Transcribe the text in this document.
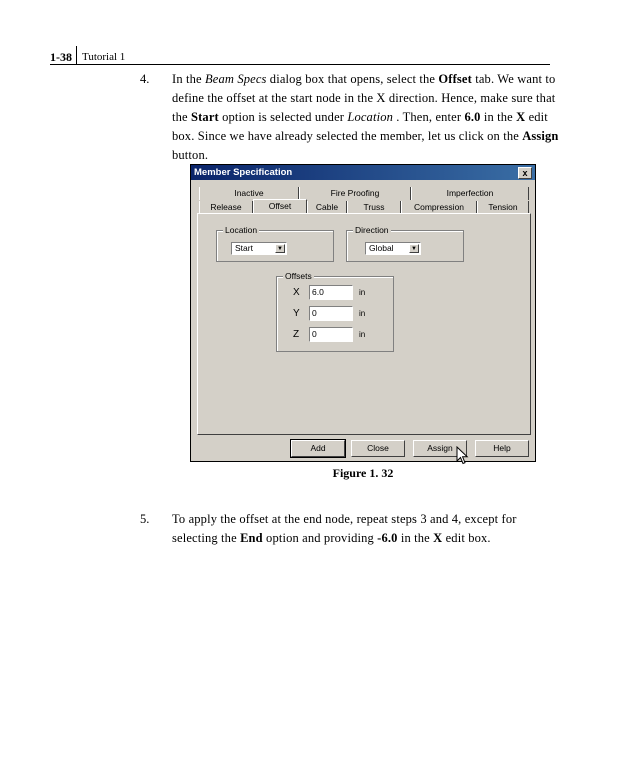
1-38 Tutorial 1
4. In the Beam Specs dialog box that opens, select the Offset tab. We want to define the offset at the start node in the X direction. Hence, make sure that the Start option is selected under Location . Then, enter 6.0 in the X edit box. Since we have already selected the member, let us click on the Assign button.
Member Specification	x
Inactive	Fire Proofing	Imperfection
Release	Offset	Cable	Truss	Compression	Tension
Location
Start	▼
Direction
Global	▼
Offsets
X	6.0	in
Y	0	in
Z	0	in
Add	Close	Assign	Help
Figure 1. 32
5. To apply the offset at the end node, repeat steps 3 and 4, except for selecting the End option and providing -6.0 in the X edit box.
